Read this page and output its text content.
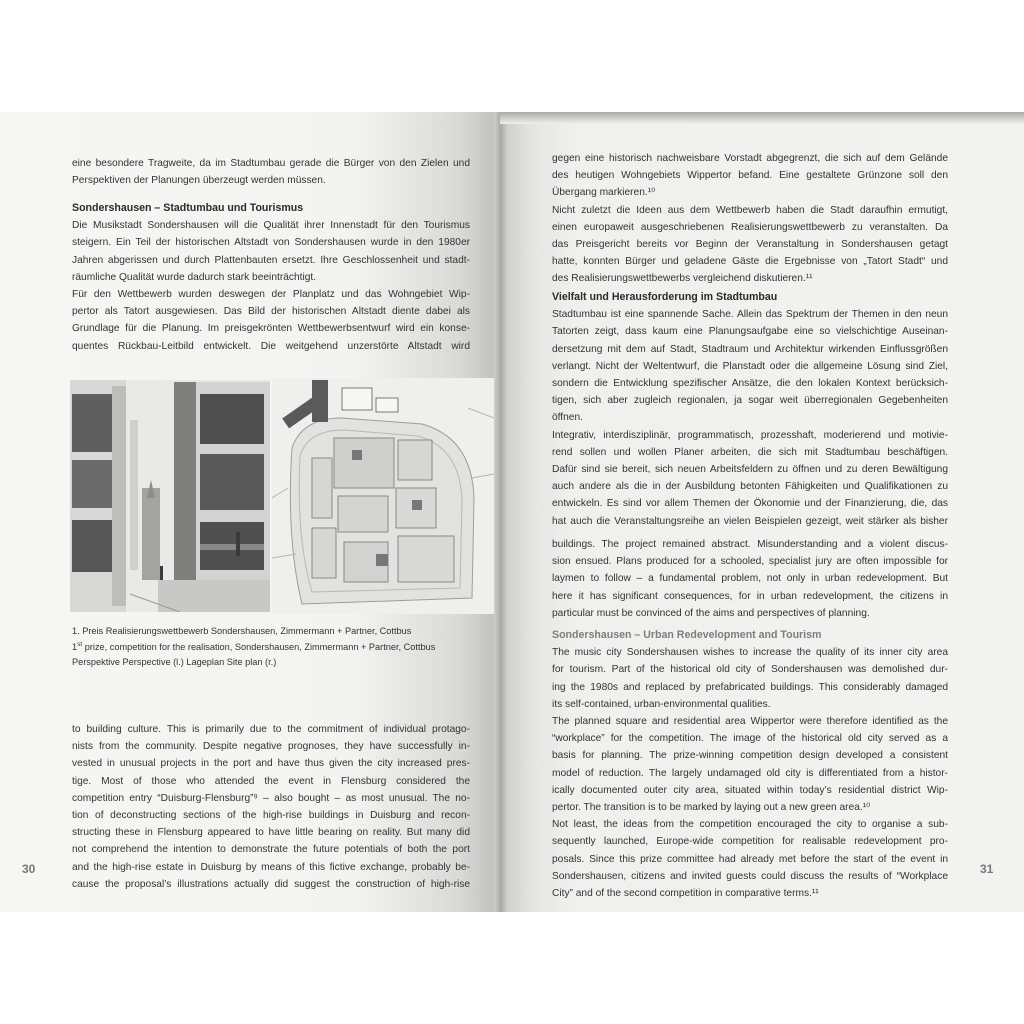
eine besondere Tragweite, da im Stadtumbau gerade die Bürger von den Zielen und
Perspektiven der Planungen überzeugt werden müssen.
Sondershausen – Stadtumbau und Tourismus
Die Musikstadt Sondershausen will die Qualität ihrer Innenstadt für den Tourismus
steigern. Ein Teil der historischen Altstadt von Sondershausen wurde in den 1980er
Jahren abgerissen und durch Plattenbauten ersetzt. Ihre Geschlossenheit und stadt-
räumliche Qualität wurde dadurch stark beeinträchtigt.
Für den Wettbewerb wurden deswegen der Planplatz und das Wohngebiet Wip-
pertor als Tatort ausgewiesen. Das Bild der historischen Altstadt diente dabei als
Grundlage für die Planung. Im preisgekrönten Wettbewerbsentwurf wird ein konse-
quentes Rückbau-Leitbild entwickelt. Die weitgehend unzerstörte Altstadt wird
1. Preis Realisierungswettbewerb Sondershausen, Zimmermann + Partner, Cottbus
1st prize, competition for the realisation, Sondershausen, Zimmermann + Partner, Cottbus
Perspektive Perspective (l.) Lageplan Site plan (r.)
to building culture. This is primarily due to the commitment of individual protago-
nists from the community. Despite negative prognoses, they have successfully in-
vested in unusual projects in the port and have thus given the city increased pres-
tige. Most of those who attended the event in Flensburg considered the
competition entry “Duisburg-Flensburg”⁹ – also bought – as most unusual. The no-
tion of deconstructing sections of the high-rise buildings in Duisburg and recon-
structing these in Flensburg appeared to have little bearing on reality. But many did
not comprehend the intention to demonstrate the future potentials of both the port
and the high-rise estate in Duisburg by means of this fictive exchange, probably be-
cause the proposal’s illustrations actually did suggest the construction of high-rise
30
gegen eine historisch nachweisbare Vorstadt abgegrenzt, die sich auf dem Gelände
des heutigen Wohngebiets Wippertor befand. Eine gestaltete Grünzone soll den
Übergang markieren.¹⁰
Nicht zuletzt die Ideen aus dem Wettbewerb haben die Stadt daraufhin ermutigt,
einen europaweit ausgeschriebenen Realisierungswettbewerb zu veranstalten. Da
das Preisgericht bereits vor Beginn der Veranstaltung in Sondershausen getagt
hatte, konnten Bürger und geladene Gäste die Ergebnisse von „Tatort Stadt“ und
des Realisierungswettbewerbs vergleichend diskutieren.¹¹
Vielfalt und Herausforderung im Stadtumbau
Stadtumbau ist eine spannende Sache. Allein das Spektrum der Themen in den neun
Tatorten zeigt, dass kaum eine Planungsaufgabe eine so vielschichtige Auseinan-
dersetzung mit dem auf Stadt, Stadtraum und Architektur wirkenden Einflussgrößen
verlangt. Nicht der Weltentwurf, die Planstadt oder die allgemeine Lösung sind Ziel,
sondern die Entwicklung spezifischer Ansätze, die den lokalen Kontext berücksich-
tigen, sich aber zugleich regionalen, ja sogar weit überregionalen Gegebenheiten
öffnen.
Integrativ, interdisziplinär, programmatisch, prozesshaft, moderierend und motivie-
rend sollen und wollen Planer arbeiten, die sich mit Stadtumbau beschäftigen.
Dafür sind sie bereit, sich neuen Arbeitsfeldern zu öffnen und zu deren Bewältigung
auch andere als die in der Ausbildung betonten Fähigkeiten und Qualifikationen zu
entwickeln. Es sind vor allem Themen der Ökonomie und der Finanzierung, die, das
hat auch die Veranstaltungsreihe an vielen Beispielen gezeigt, weit stärker als bisher
buildings. The project remained abstract. Misunderstanding and a violent discus-
sion ensued. Plans produced for a schooled, specialist jury are often impossible for
laymen to follow – a fundamental problem, not only in urban redevelopment. But
here it has significant consequences, for in urban redevelopment, the citizens in
particular must be convinced of the aims and perspectives of planning.
Sondershausen – Urban Redevelopment and Tourism
The music city Sondershausen wishes to increase the quality of its inner city area
for tourism. Part of the historical old city of Sondershausen was demolished dur-
ing the 1980s and replaced by prefabricated buildings. This considerably damaged
its self-contained, urban-environmental qualities.
The planned square and residential area Wippertor were therefore identified as the
“workplace” for the competition. The image of the historical old city served as a
basis for planning. The prize-winning competition design developed a consistent
model of reduction. The largely undamaged old city is differentiated from a histor-
ically documented outer city area, situated within today’s residential district Wip-
pertor. The transition is to be marked by laying out a new green area.¹⁰
Not least, the ideas from the competition encouraged the city to organise a sub-
sequently launched, Europe-wide competition for realisable redevelopment pro-
posals. Since this prize committee had already met before the start of the event in
Sondershausen, citizens and invited guests could discuss the results of “Workplace
City” and of the second competition in comparative terms.¹¹
31
